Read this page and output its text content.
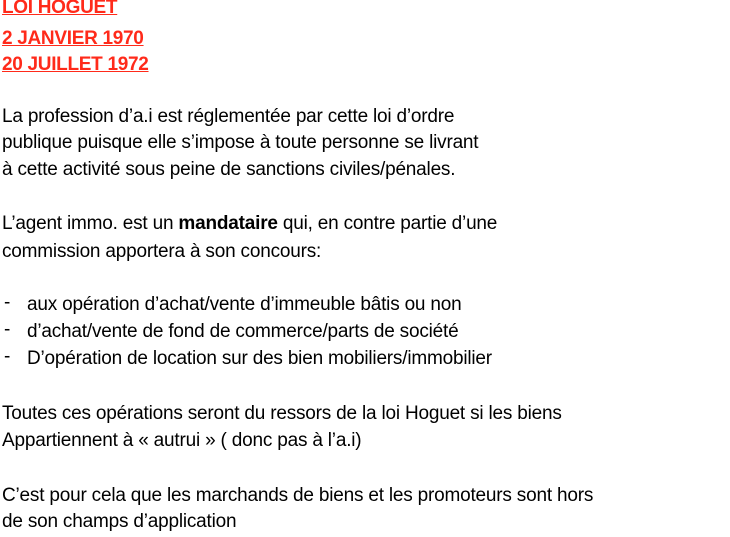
LOI HOGUET
2 JANVIER 1970
20 JUILLET 1972
La profession d’a.i est réglementée par cette loi d’ordre
publique puisque elle s’impose à toute personne se livrant
à cette activité sous peine de sanctions civiles/pénales.
L’agent immo. est un mandataire qui, en contre partie d’une
commission apportera à son concours:
- aux opération d’achat/vente d’immeuble bâtis ou non
- d’achat/vente de fond de commerce/parts de société
- D’opération de location sur des bien mobiliers/immobilier
Toutes ces opérations seront du ressors de la loi Hoguet si les biens
Appartiennent à « autrui » ( donc pas à l’a.i)
C’est pour cela que les marchands de biens et les promoteurs sont hors
de son champs d’application
